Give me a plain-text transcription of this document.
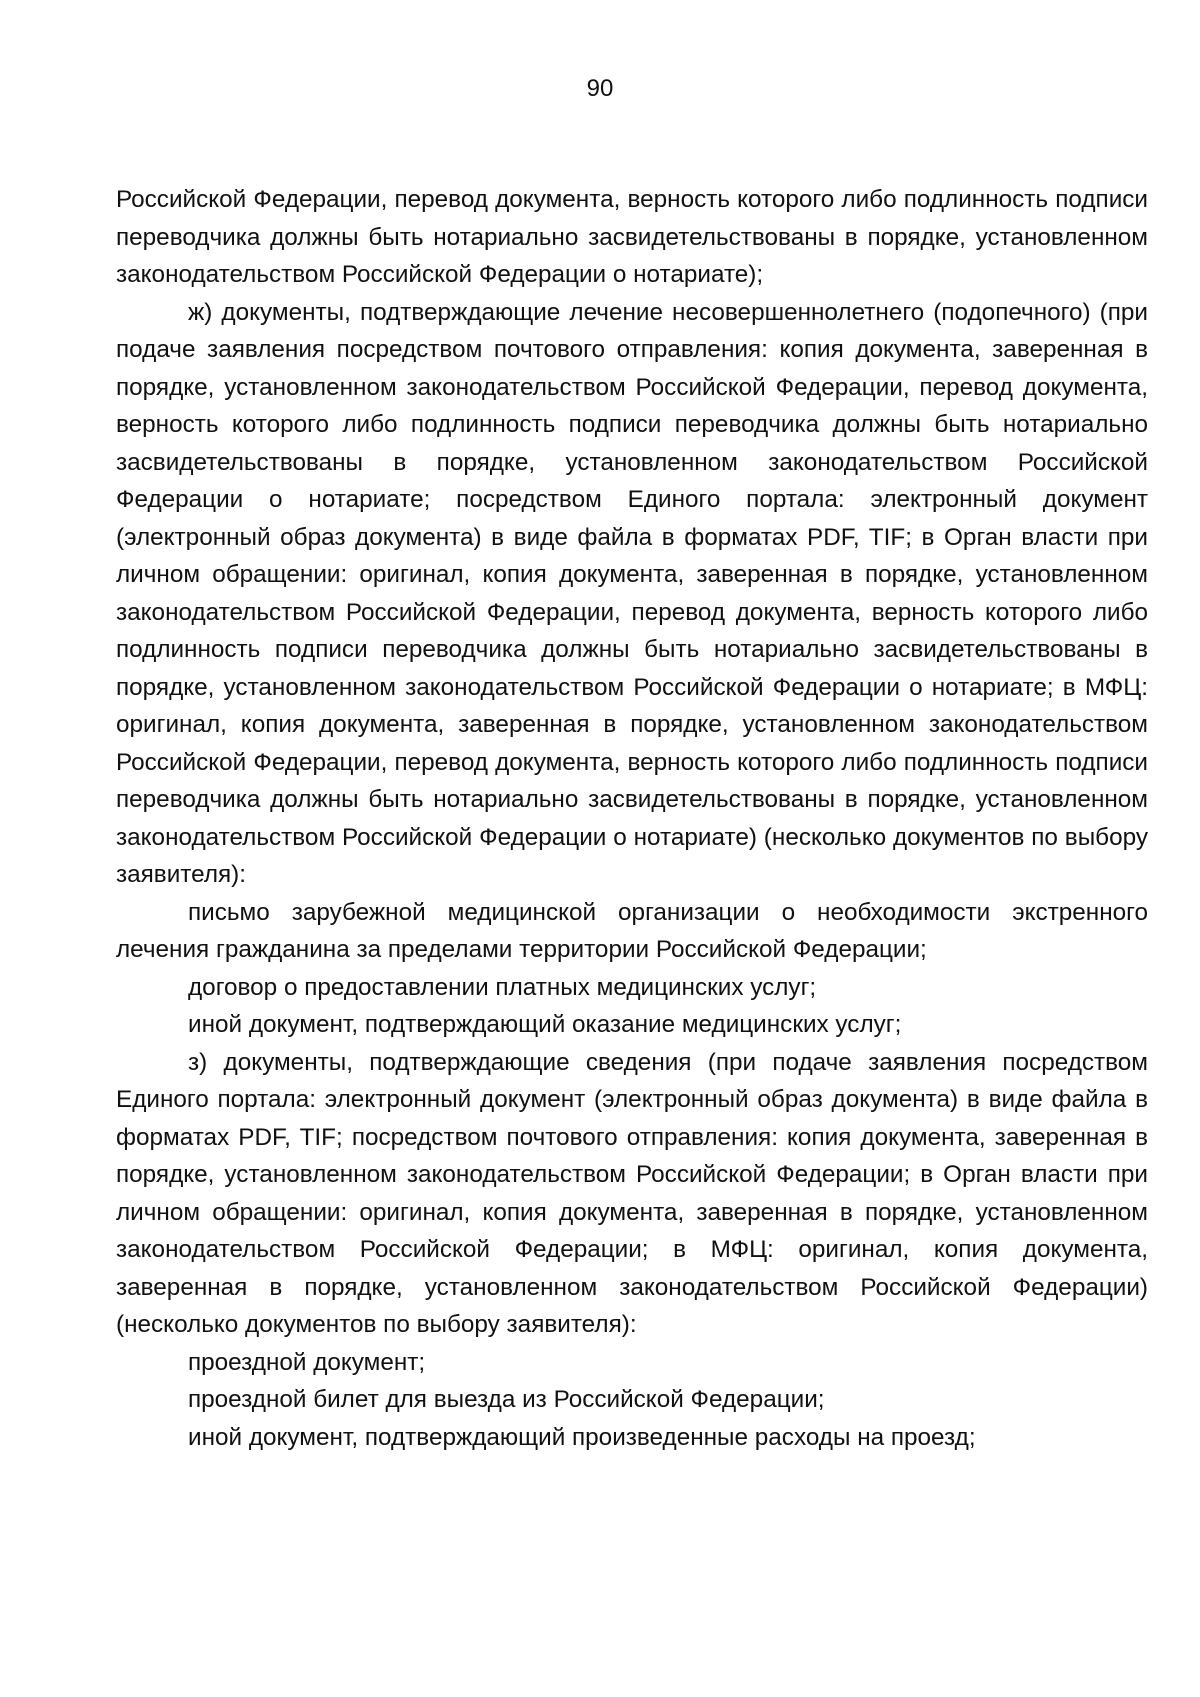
90

Российской Федерации, перевод документа, верность которого либо подлинность подписи переводчика должны быть нотариально засвидетельствованы в порядке, установленном законодательством Российской Федерации о нотариате);

ж) документы, подтверждающие лечение несовершеннолетнего (подопечного) (при подаче заявления посредством почтового отправления: копия документа, заверенная в порядке, установленном законодательством Российской Федерации, перевод документа, верность которого либо подлинность подписи переводчика должны быть нотариально засвидетельствованы в порядке, установленном законодательством Российской Федерации о нотариате; посредством Единого портала: электронный документ (электронный образ документа) в виде файла в форматах PDF, TIF; в Орган власти при личном обращении: оригинал, копия документа, заверенная в порядке, установленном законодательством Российской Федерации, перевод документа, верность которого либо подлинность подписи переводчика должны быть нотариально засвидетельствованы в порядке, установленном законодательством Российской Федерации о нотариате; в МФЦ: оригинал, копия документа, заверенная в порядке, установленном законодательством Российской Федерации, перевод документа, верность которого либо подлинность подписи переводчика должны быть нотариально засвидетельствованы в порядке, установленном законодательством Российской Федерации о нотариате) (несколько документов по выбору заявителя):

письмо зарубежной медицинской организации о необходимости экстренного лечения гражданина за пределами территории Российской Федерации;

договор о предоставлении платных медицинских услуг;

иной документ, подтверждающий оказание медицинских услуг;

з) документы, подтверждающие сведения (при подаче заявления посредством Единого портала: электронный документ (электронный образ документа) в виде файла в форматах PDF, TIF; посредством почтового отправления: копия документа, заверенная в порядке, установленном законодательством Российской Федерации; в Орган власти при личном обращении: оригинал, копия документа, заверенная в порядке, установленном законодательством Российской Федерации; в МФЦ: оригинал, копия документа, заверенная в порядке, установленном законодательством Российской Федерации) (несколько документов по выбору заявителя):

проездной документ;

проездной билет для выезда из Российской Федерации;

иной документ, подтверждающий произведенные расходы на проезд;
